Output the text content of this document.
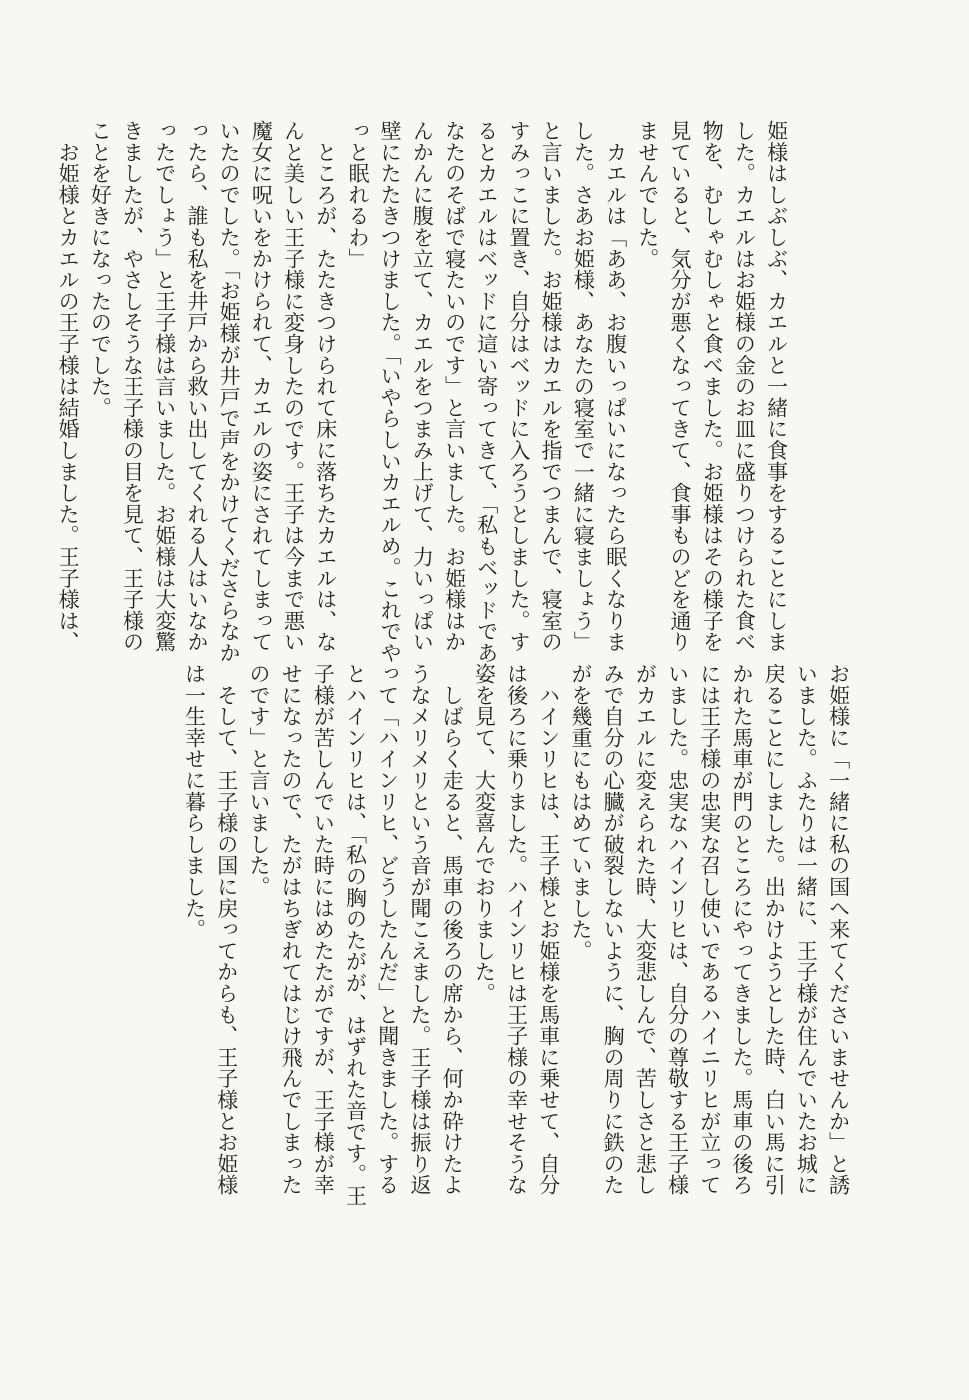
姫様はしぶしぶ、カエルと一緒に食事をすることにしま
した。カエルはお姫様の金のお皿に盛りつけられた食べ
物を、むしゃむしゃと食べました。お姫様はその様子を
見ていると、気分が悪くなってきて、食事ものどを通り
ませんでした。
　カエルは「ああ、お腹いっぱいになったら眠くなりま
した。さあお姫様、あなたの寝室で一緒に寝ましょう」
と言いました。お姫様はカエルを指でつまんで、寝室の
すみっこに置き、自分はベッドに入ろうとしました。す
るとカエルはベッドに這い寄ってきて、「私もベッドであ
なたのそばで寝たいのです」と言いました。お姫様はか
んかんに腹を立て、カエルをつまみ上げて、力いっぱい
壁にたたきつけました。「いやらしいカエルめ。これでや
っと眠れるわ」
　ところが、たたきつけられて床に落ちたカエルは、な
んと美しい王子様に変身したのです。王子は今まで悪い
魔女に呪いをかけられて、カエルの姿にされてしまって
いたのでした。「お姫様が井戸で声をかけてくださらなか
ったら、誰も私を井戸から救い出してくれる人はいなか
ったでしょう」と王子様は言いました。お姫様は大変驚
きましたが、やさしそうな王子様の目を見て、王子様の
ことを好きになったのでした。
　お姫様とカエルの王子様は結婚しました。王子様は、

お姫様に「一緒に私の国へ来てくださいませんか」と誘
いました。ふたりは一緒に、王子様が住んでいたお城に
戻ることにしました。出かけようとした時、白い馬に引
かれた馬車が門のところにやってきました。馬車の後ろ
には王子様の忠実な召し使いであるハイニリヒが立って
いました。忠実なハインリヒは、自分の尊敬する王子様
がカエルに変えられた時、大変悲しんで、苦しさと悲し
みで自分の心臓が破裂しないように、胸の周りに鉄のた
がを幾重にもはめていました。
　ハインリヒは、王子様とお姫様を馬車に乗せて、自分
は後ろに乗りました。ハインリヒは王子様の幸せそうな
姿を見て、大変喜んでおりました。
　しばらく走ると、馬車の後ろの席から、何か砕けたよ
うなメリメリという音が聞こえました。王子様は振り返
って「ハインリヒ、どうしたんだ」と聞きました。する
とハインリヒは、「私の胸のたがが、はずれた音です。王
子様が苦しんでいた時にはめたたがですが、王子様が幸
せになったので、たがはちぎれてはじけ飛んでしまった
のです」と言いました。
　そして、王子様の国に戻ってからも、王子様とお姫様
は一生幸せに暮らしました。
